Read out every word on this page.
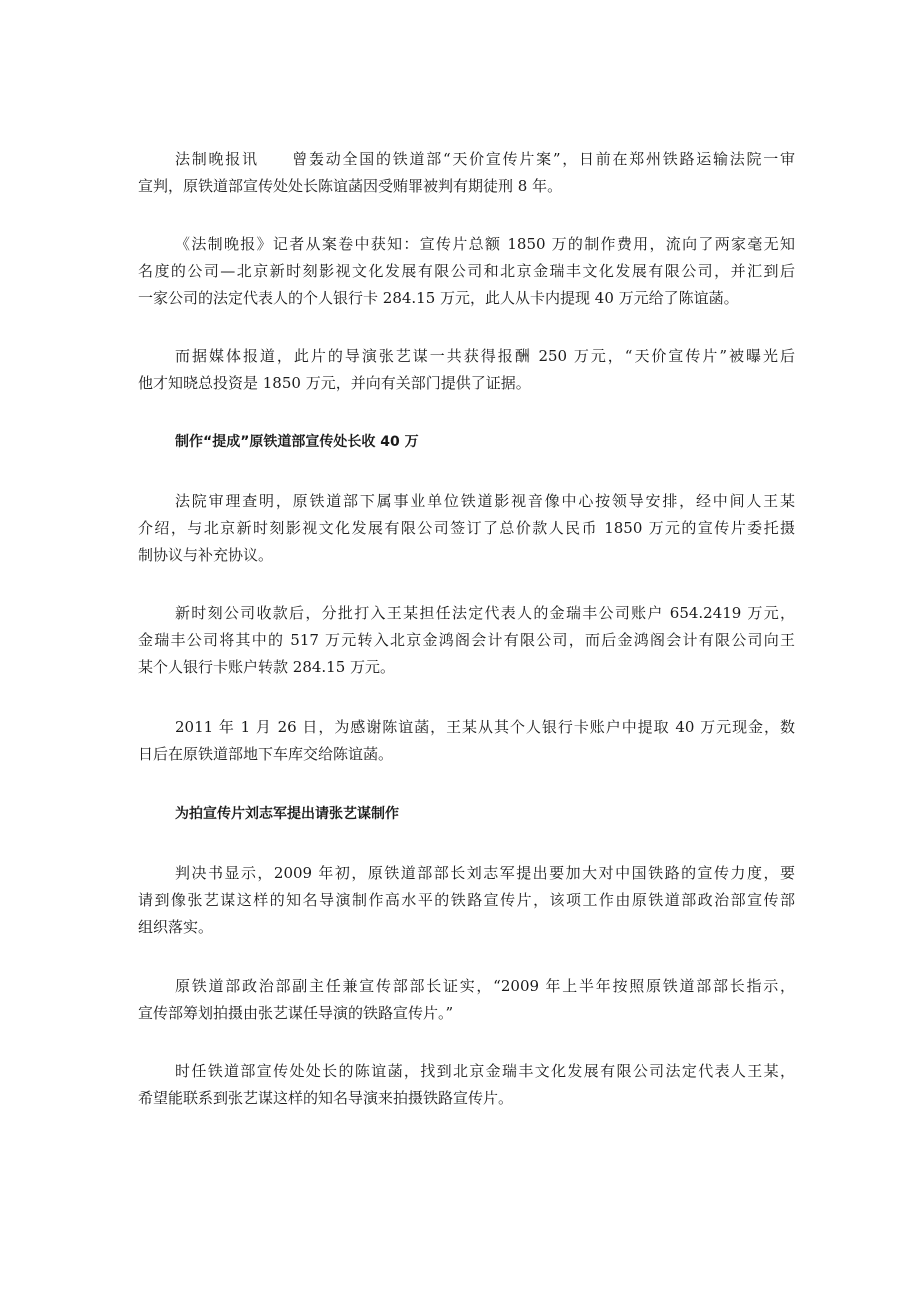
法制晚报讯　　曾轰动全国的铁道部“天价宣传片案”，日前在郑州铁路运输法院一审
宣判，原铁道部宣传处处长陈谊菡因受贿罪被判有期徒刑 8 年。
《法制晚报》记者从案卷中获知：宣传片总额 1850 万的制作费用，流向了两家毫无知
名度的公司—北京新时刻影视文化发展有限公司和北京金瑞丰文化发展有限公司，并汇到后
一家公司的法定代表人的个人银行卡 284.15 万元，此人从卡内提现 40 万元给了陈谊菡。
而据媒体报道，此片的导演张艺谋一共获得报酬 250 万元，“天价宣传片”被曝光后
他才知晓总投资是 1850 万元，并向有关部门提供了证据。
制作“提成”原铁道部宣传处长收 40 万
法院审理查明，原铁道部下属事业单位铁道影视音像中心按领导安排，经中间人王某
介绍，与北京新时刻影视文化发展有限公司签订了总价款人民币 1850 万元的宣传片委托摄
制协议与补充协议。
新时刻公司收款后，分批打入王某担任法定代表人的金瑞丰公司账户 654.2419 万元，
金瑞丰公司将其中的 517 万元转入北京金鸿阁会计有限公司，而后金鸿阁会计有限公司向王
某个人银行卡账户转款 284.15 万元。
2011 年 1 月 26 日，为感谢陈谊菡，王某从其个人银行卡账户中提取 40 万元现金，数
日后在原铁道部地下车库交给陈谊菡。
为拍宣传片刘志军提出请张艺谋制作
判决书显示，2009 年初，原铁道部部长刘志军提出要加大对中国铁路的宣传力度，要
请到像张艺谋这样的知名导演制作高水平的铁路宣传片，该项工作由原铁道部政治部宣传部
组织落实。
原铁道部政治部副主任兼宣传部部长证实，“2009 年上半年按照原铁道部部长指示，
宣传部筹划拍摄由张艺谋任导演的铁路宣传片。”
时任铁道部宣传处处长的陈谊菡，找到北京金瑞丰文化发展有限公司法定代表人王某，
希望能联系到张艺谋这样的知名导演来拍摄铁路宣传片。
